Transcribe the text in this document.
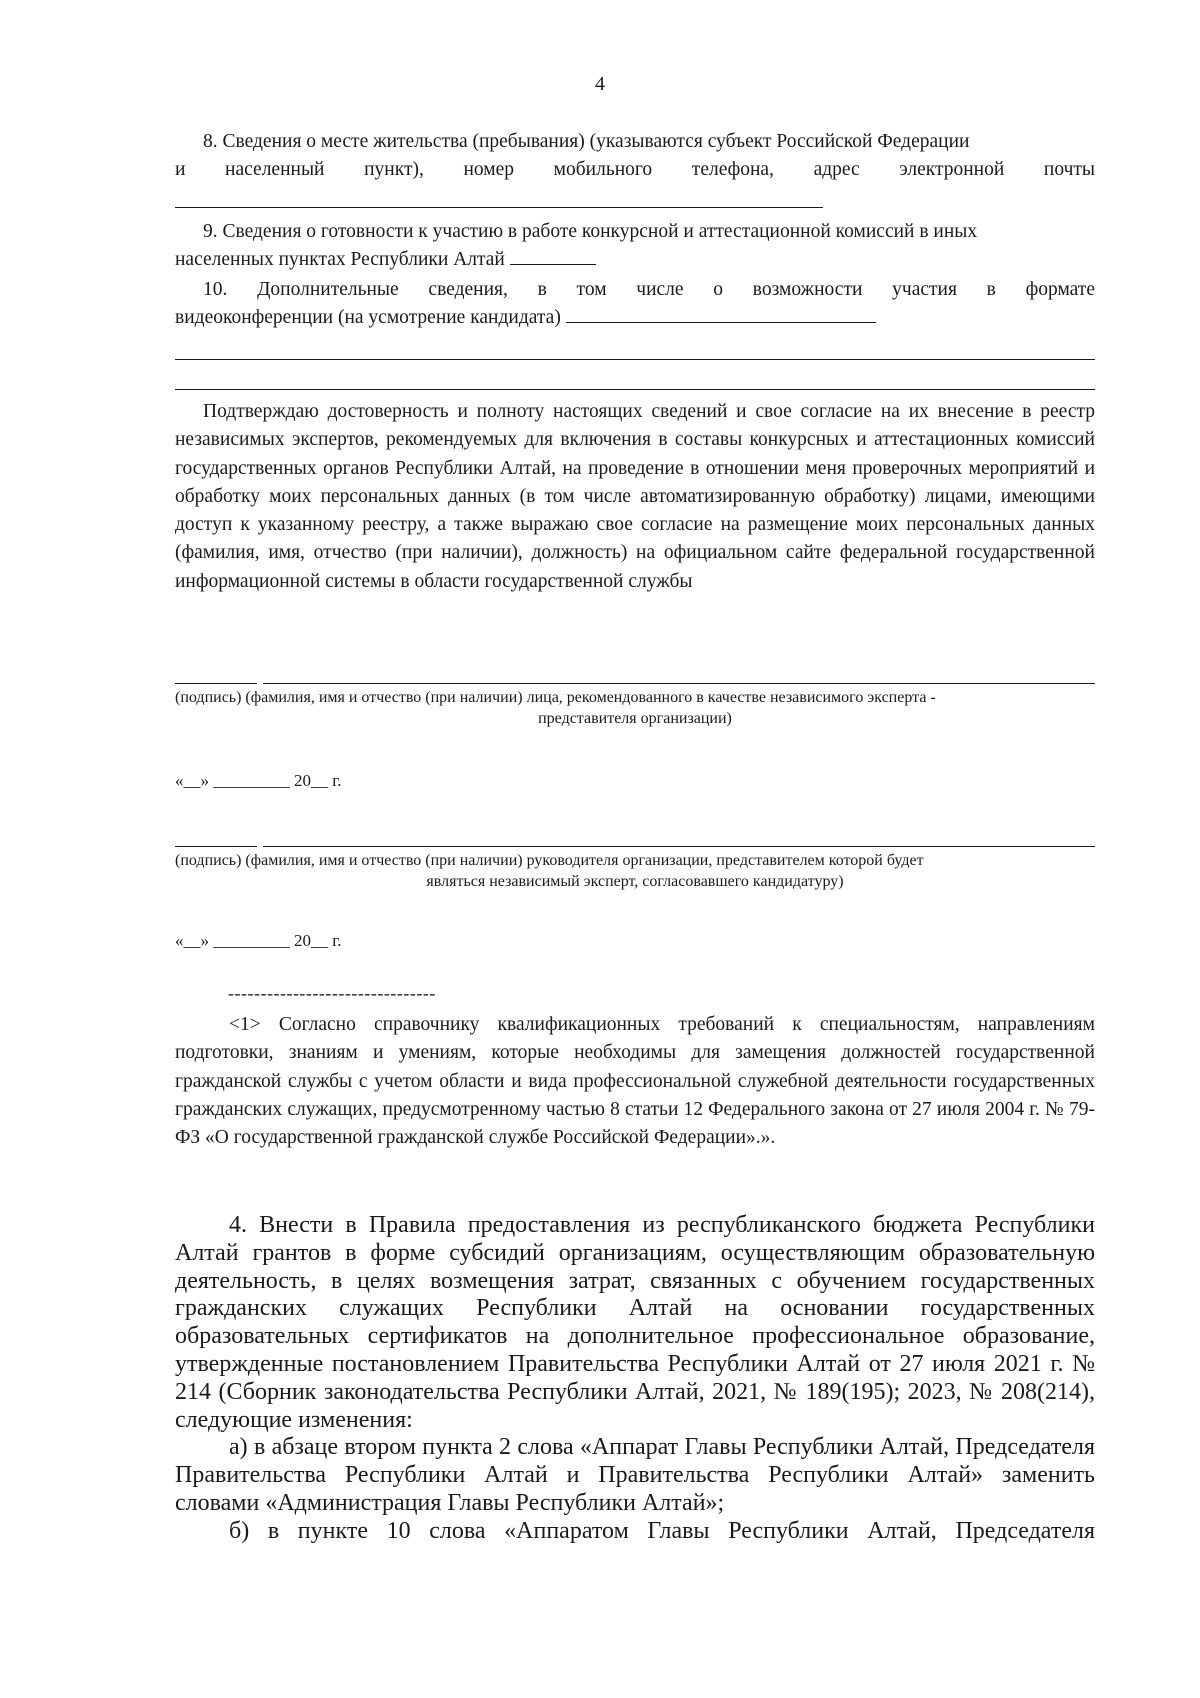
4

8. Сведения о месте жительства (пребывания) (указываются субъект Российской Федерации

и населенный пункт), номер мобильного телефона, адрес электронной почты

9. Сведения о готовности к участию в работе конкурсной и аттестационной комиссий в иных

населенных пунктах Республики Алтай

10. Дополнительные сведения, в том числе о возможности участия в формате

видеоконференции (на усмотрение кандидата)

Подтверждаю достоверность и полноту настоящих сведений и свое согласие на их внесение в реестр независимых экспертов, рекомендуемых для включения в составы конкурсных и аттестационных комиссий государственных органов Республики Алтай, на проведение в отношении меня проверочных мероприятий и обработку моих персональных данных (в том числе автоматизированную обработку) лицами, имеющими доступ к указанному реестру, а также выражаю свое согласие на размещение моих персональных данных (фамилия, имя, отчество (при наличии), должность) на официальном сайте федеральной государственной информационной системы в области государственной службы

(подпись) (фамилия, имя и отчество (при наличии) лица, рекомендованного в качестве независимого эксперта -

представителя организации)

«__» _________ 20__ г.

(подпись) (фамилия, имя и отчество (при наличии) руководителя организации, представителем которой будет

являться независимый эксперт, согласовавшего кандидатуру)

«__» _________ 20__ г.
--------------------------------

<1> Согласно справочнику квалификационных требований к специальностям, направлениям подготовки, знаниям и умениям, которые необходимы для замещения должностей государственной гражданской службы с учетом области и вида профессиональной служебной деятельности государственных гражданских служащих, предусмотренному частью 8 статьи 12 Федерального закона от 27 июля 2004 г. № 79-ФЗ «О государственной гражданской службе Российской Федерации».».

4. Внести в Правила предоставления из республиканского бюджета Республики Алтай грантов в форме субсидий организациям, осуществляющим образовательную деятельность, в целях возмещения затрат, связанных с обучением государственных гражданских служащих Республики Алтай на основании государственных образовательных сертификатов на дополнительное профессиональное образование, утвержденные постановлением Правительства Республики Алтай от 27 июля 2021 г. № 214 (Сборник законодательства Республики Алтай, 2021, № 189(195); 2023, № 208(214), следующие изменения:

а) в абзаце втором пункта 2 слова «Аппарат Главы Республики Алтай, Председателя Правительства Республики Алтай и Правительства Республики Алтай» заменить словами «Администрация Главы Республики Алтай»;

б) в пункте 10 слова «Аппаратом Главы Республики Алтай, Председателя
